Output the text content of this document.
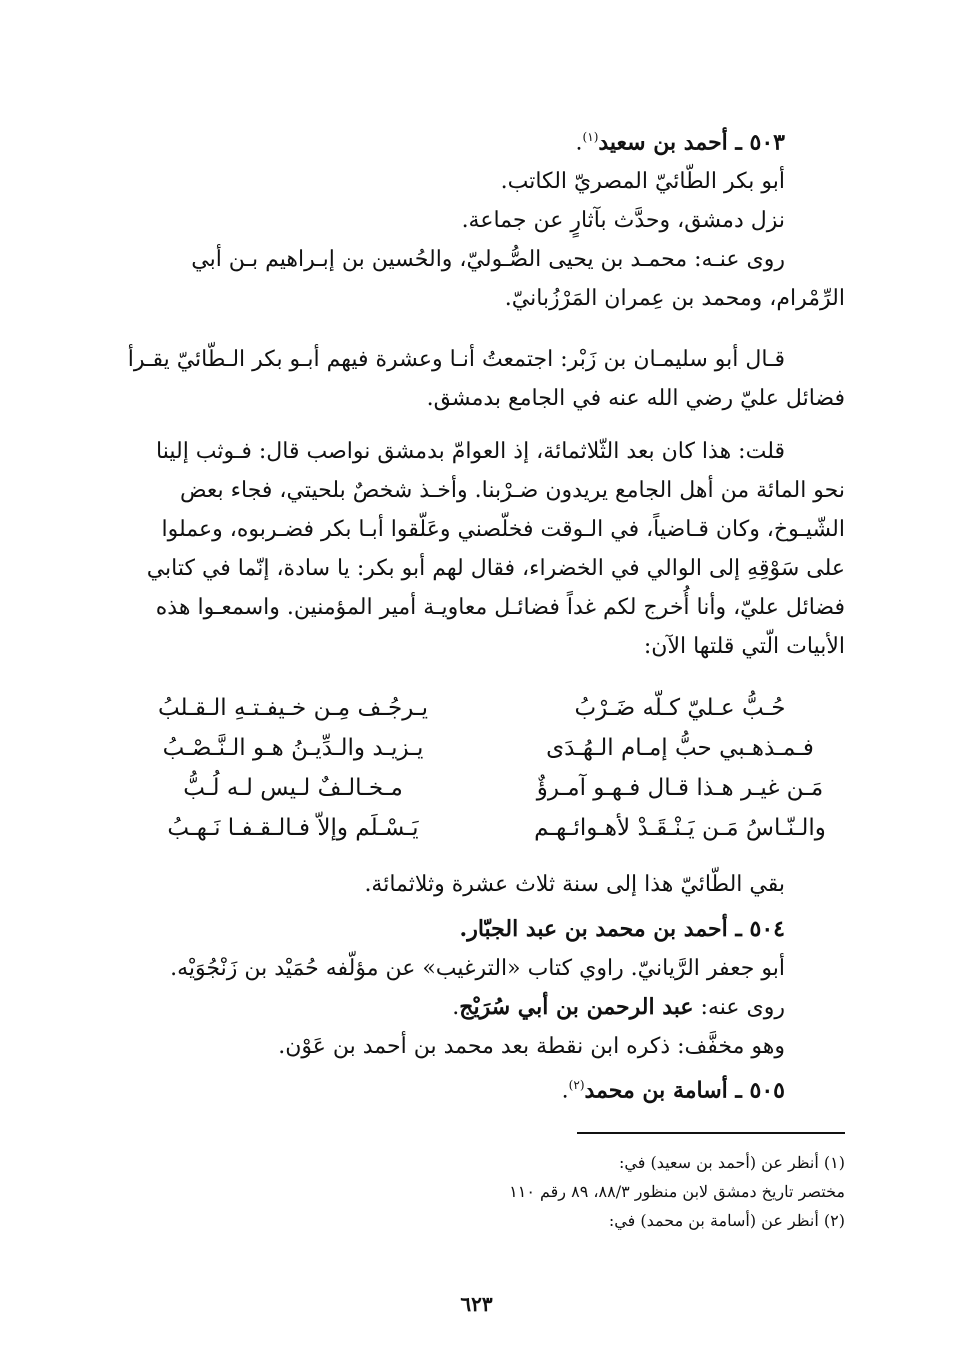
٥٠٣ ـ أحمد بن سعيد$^{(١)}$.
أبو بكر الطّائيّ المصريّ الكاتب.
نزل دمشق، وحدَّث بآثارٍ عن جماعة.
روى عنـه: محمـد بن يحيى الصُّـوليّ، والحُسين بن إبـراهيم بـن أبي
الرِّمْرام، ومحمد بن عِمران المَرْزُبانيّ.
قـال أبو سليمـان بن زَبْر: اجتمعتُ أنـا وعشرة فيهم أبـو بكر الـطّائيّ يقـرأ
فضائل عليّ رضي الله عنه في الجامع بدمشق.
قلت: هذا كان بعد الثّلاثمائة، إذ العوامّ بدمشق نواصب قال: فـوثب إلينا
نحو المائة من أهل الجامع يريدون ضـرْبنا. وأخـذ شخصٌ بلحيتي، فجاء بعض
الشّيـوخ، وكان قـاضياً، في الـوقت فخلّصني وعَلّقوا أبـا بكر فضـربوه، وعملوا
على سَوْقِهِ إلى الوالي في الخضراء، فقال لهم أبو بكر: يا سادة، إنّما في كتابي
فضائل عليّ، وأنا أُخرج لكم غداً فضائـل معاويـة أمير المؤمنين. واسمعـوا هذه
الأبيات الّتي قلتها الآن:
حُـبُّ عـليّ كـلّه ضَـرْبُ
يـرجُـف مِـن خـيفـتـهِ الـقـلبُ
فـمـذهـبي حبُّ إمـام الـهُـدَى
يـزيـد والـدِّيـنُ هـو الـنَّـصْـبُ
مَـن غيـر هـذا قـال فـهـو آمـرؤٌ
مـخـالـفٌ لـيس لـه لُـبُّ
والـنّـاسُ مَـن يَـنْـقَـدْ لأهـوائـهـم
يَـسْـلَم وإلاّ فـالـقـفـا نَـهـبُ
بقي الطّائيّ هذا إلى سنة ثلاث عشرة وثلاثمائة.
٥٠٤ ـ أحمد بن محمد بن عبد الجبّار.
أبو جعفر الرَّيانيّ. راوي كتاب «الترغيب» عن مؤلّفه حُمَيْد بن زَنْجُوَيْه.
روى عنه: عبد الرحمن بن أبي سُرَيْج.
وهو مخفَّف: ذكره ابن نقطة بعد محمد بن أحمد بن عَوْن.
٥٠٥ ـ أسامة بن محمد$^{(٢)}$.
(١) أنظر عن (أحمد بن سعيد) في:
مختصر تاريخ دمشق لابن منظور ٨٨/٣، ٨٩ رقم ١١٠
(٢) أنظر عن (أسامة بن محمد) في:
٦٢٣
